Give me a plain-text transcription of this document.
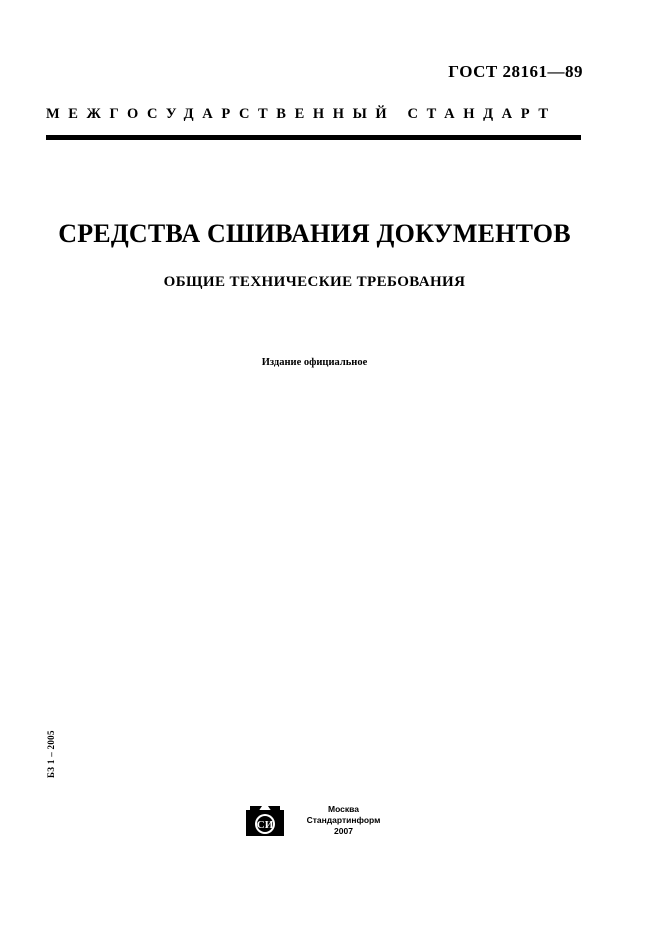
ГОСТ 28161—89
МЕЖГОСУДАРСТВЕННЫЙ СТАНДАРТ
СРЕДСТВА СШИВАНИЯ ДОКУМЕНТОВ
ОБЩИЕ ТЕХНИЧЕСКИЕ ТРЕБОВАНИЯ
Издание официальное
БЗ 1 – 2005
СИ
Москва
Стандартинформ
2007
